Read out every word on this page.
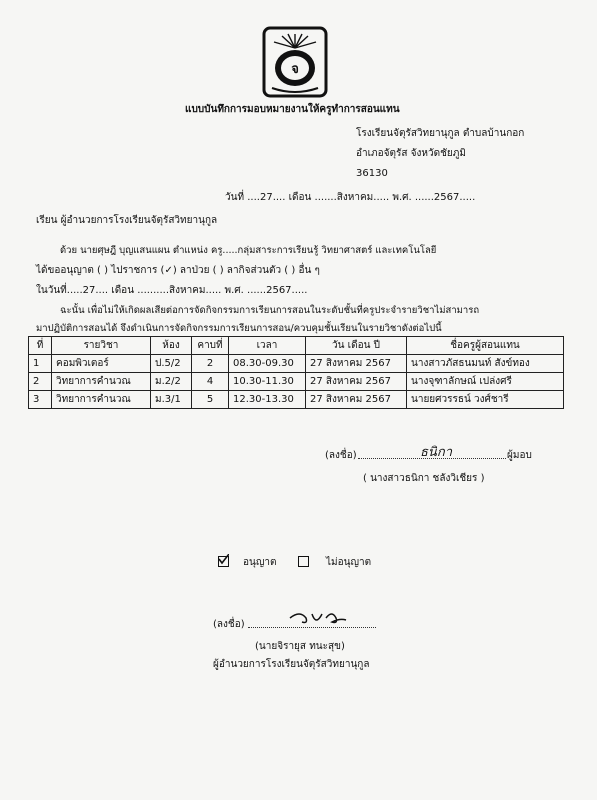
จ
แบบบันทึกการมอบหมายงานให้ครูทำการสอนแทน
โรงเรียนจัตุรัสวิทยานุกูล ตำบลบ้านกอก
อำเภอจัตุรัส จังหวัดชัยภูมิ
36130
วันที่ ....27.... เดือน .......สิงหาคม..... พ.ศ. ......2567.....
เรียน ผู้อำนวยการโรงเรียนจัตุรัสวิทยานุกูล
ด้วย นายศุษฎี บุญแสนแผน ตำแหน่ง ครู.....กลุ่มสาระการเรียนรู้ วิทยาศาสตร์ และเทคโนโลยี
ได้ขออนุญาต ( ) ไปราชการ (✓) ลาป่วย ( ) ลากิจส่วนตัว ( ) อื่น ๆ
ในวันที่.....27.... เดือน ..........สิงหาคม..... พ.ศ. ......2567.....
ฉะนั้น เพื่อไม่ให้เกิดผลเสียต่อการจัดกิจกรรมการเรียนการสอนในระดับชั้นที่ครูประจำรายวิชาไม่สามารถ
มาปฏิบัติการสอนได้ จึงดำเนินการจัดกิจกรรมการเรียนการสอน/ควบคุมชั้นเรียนในรายวิชาดังต่อไปนี้
ที่	รายวิชา	ห้อง	คาบที่	เวลา	วัน เดือน ปี	ชื่อครูผู้สอนแทน
1	คอมพิวเตอร์	ป.5/2	2	08.30-09.30	27 สิงหาคม 2567	นางสาวภัสธนมนท์ สังข์ทอง
2	วิทยาการคำนวณ	ม.2/2	4	10.30-11.30	27 สิงหาคม 2567	นางจุฑาลักษณ์ เปล่งศรี
3	วิทยาการคำนวณ	ม.3/1	5	12.30-13.30	27 สิงหาคม 2567	นายยศวรรธน์ วงศ์ชารี
(ลงชื่อ)	ธนิกา	ผู้มอบ
( นางสาวธนิกา ชลังวิเชียร )
อนุญาต	ไม่อนุญาต
(ลงชื่อ)
(นายจิรายุส ทนะสุข)
ผู้อำนวยการโรงเรียนจัตุรัสวิทยานุกูล
